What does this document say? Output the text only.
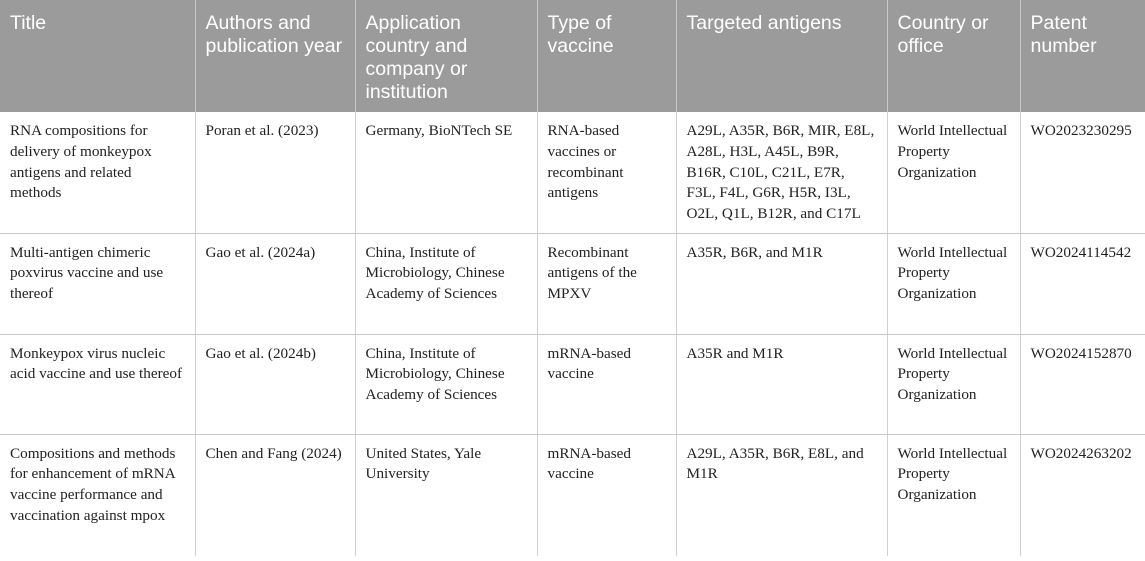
Title	Authors and publication year	Application country and company or institution	Type of vaccine	Targeted antigens	Country or office	Patent number
RNA compositions for delivery of monkeypox antigens and related methods	Poran et al. (2023)	Germany, BioNTech SE	RNA-based vaccines or recombinant antigens	A29L, A35R, B6R, MIR, E8L, A28L, H3L, A45L, B9R, B16R, C10L, C21L, E7R, F3L, F4L, G6R, H5R, I3L, O2L, Q1L, B12R, and C17L	World Intellectual Property Organization	WO2023230295
Multi-antigen chimeric poxvirus vaccine and use thereof	Gao et al. (2024a)	China, Institute of Microbiology, Chinese Academy of Sciences	Recombinant antigens of the MPXV	A35R, B6R, and M1R	World Intellectual Property Organization	WO2024114542
Monkeypox virus nucleic acid vaccine and use thereof	Gao et al. (2024b)	China, Institute of Microbiology, Chinese Academy of Sciences	mRNA-based vaccine	A35R and M1R	World Intellectual Property Organization	WO2024152870
Compositions and methods for enhancement of mRNA vaccine performance and vaccination against mpox	Chen and Fang (2024)	United States, Yale University	mRNA-based vaccine	A29L, A35R, B6R, E8L, and M1R	World Intellectual Property Organization	WO2024263202
